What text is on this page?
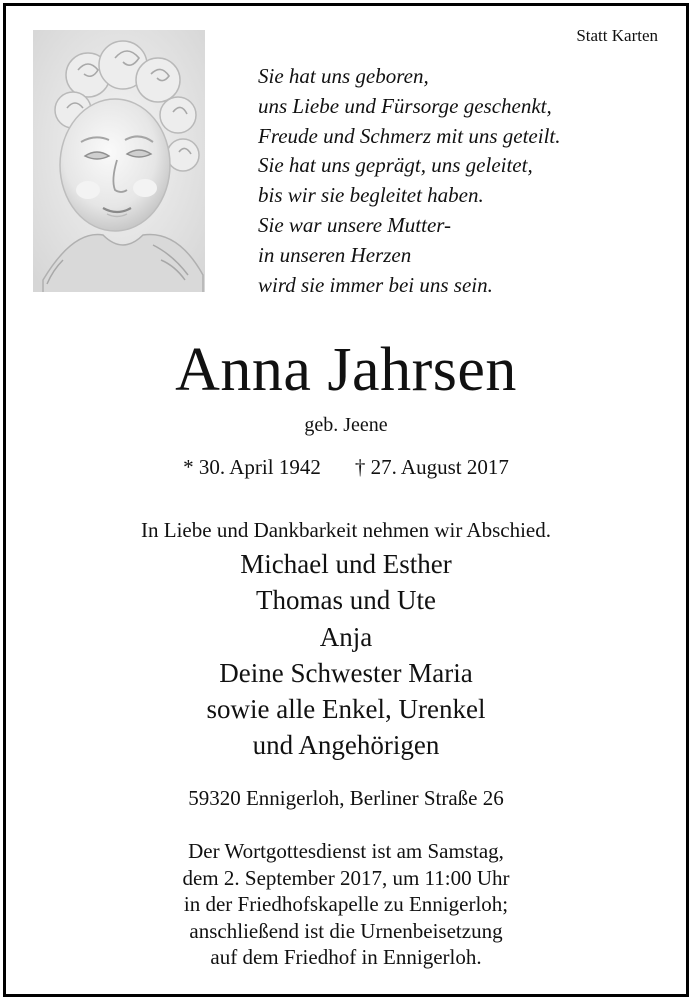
Statt Karten
Sie hat uns geboren,
uns Liebe und Fürsorge geschenkt,
Freude und Schmerz mit uns geteilt.
Sie hat uns geprägt, uns geleitet,
bis wir sie begleitet haben.
Sie war unsere Mutter-
in unseren Herzen
wird sie immer bei uns sein.
Anna Jahrsen
geb. Jeene
* 30. April 1942 † 27. August 2017
In Liebe und Dankbarkeit nehmen wir Abschied.
Michael und Esther
Thomas und Ute
Anja
Deine Schwester Maria
sowie alle Enkel, Urenkel
und Angehörigen
59320 Ennigerloh, Berliner Straße 26
Der Wortgottesdienst ist am Samstag,
dem 2. September 2017, um 11:00 Uhr
in der Friedhofskapelle zu Ennigerloh;
anschließend ist die Urnenbeisetzung
auf dem Friedhof in Ennigerloh.
